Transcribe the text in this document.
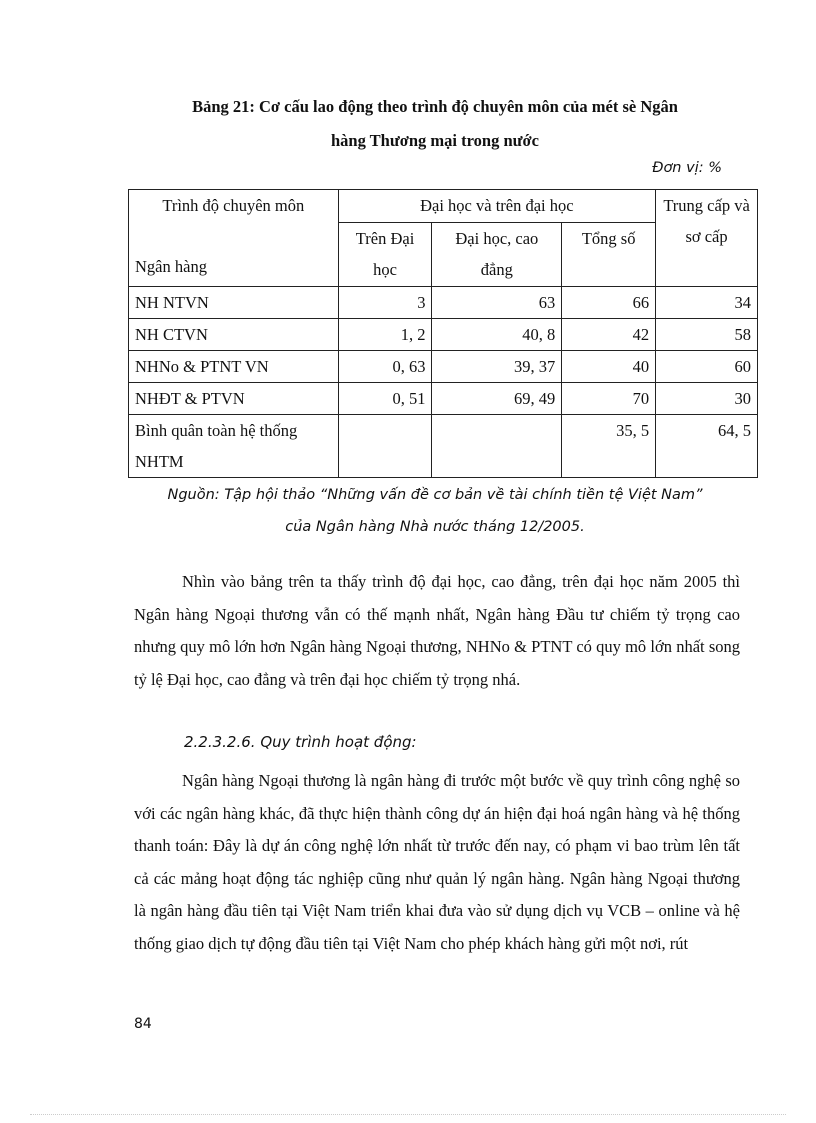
Bảng 21: Cơ cấu lao động theo trình độ chuyên môn của mét sè Ngân
hàng Thương mại trong nước
Đơn vị: %
Trình độ chuyên môn
Ngân hàng	Đại học và trên đại học			Trung cấp và sơ cấp
	Trên Đại học	Đại học, cao đẳng	Tổng số	
NH NTVN	3	63	66	34
NH CTVN	1, 2	40, 8	42	58
NHNo & PTNT VN	0, 63	39, 37	40	60
NHĐT & PTVN	0, 51	69, 49	70	30
Bình quân toàn hệ thống NHTM			35, 5	64, 5
Nguồn: Tập hội thảo “Những vấn đề cơ bản về tài chính tiền tệ Việt Nam”
của Ngân hàng Nhà nước tháng 12/2005.

Nhìn vào bảng trên ta thấy trình độ đại học, cao đẳng, trên đại học năm 2005 thì Ngân hàng Ngoại thương vẫn có thế mạnh nhất, Ngân hàng Đầu tư chiếm tỷ trọng cao nhưng quy mô lớn hơn Ngân hàng Ngoại thương, NHNo & PTNT có quy mô lớn nhất song tỷ lệ Đại học, cao đẳng và trên đại học chiếm tỷ trọng nhá.

2.2.3.2.6. Quy trình hoạt động:

Ngân hàng Ngoại thương là ngân hàng đi trước một bước về quy trình công nghệ so với các ngân hàng khác, đã thực hiện thành công dự án hiện đại hoá ngân hàng và hệ thống thanh toán: Đây là dự án công nghệ lớn nhất từ trước đến nay, có phạm vi bao trùm lên tất cả các mảng hoạt động tác nghiệp cũng như quản lý ngân hàng. Ngân hàng Ngoại thương là ngân hàng đầu tiên tại Việt Nam triển khai đưa vào sử dụng dịch vụ VCB – online và hệ thống giao dịch tự động đầu tiên tại Việt Nam cho phép khách hàng gửi một nơi, rút

84
